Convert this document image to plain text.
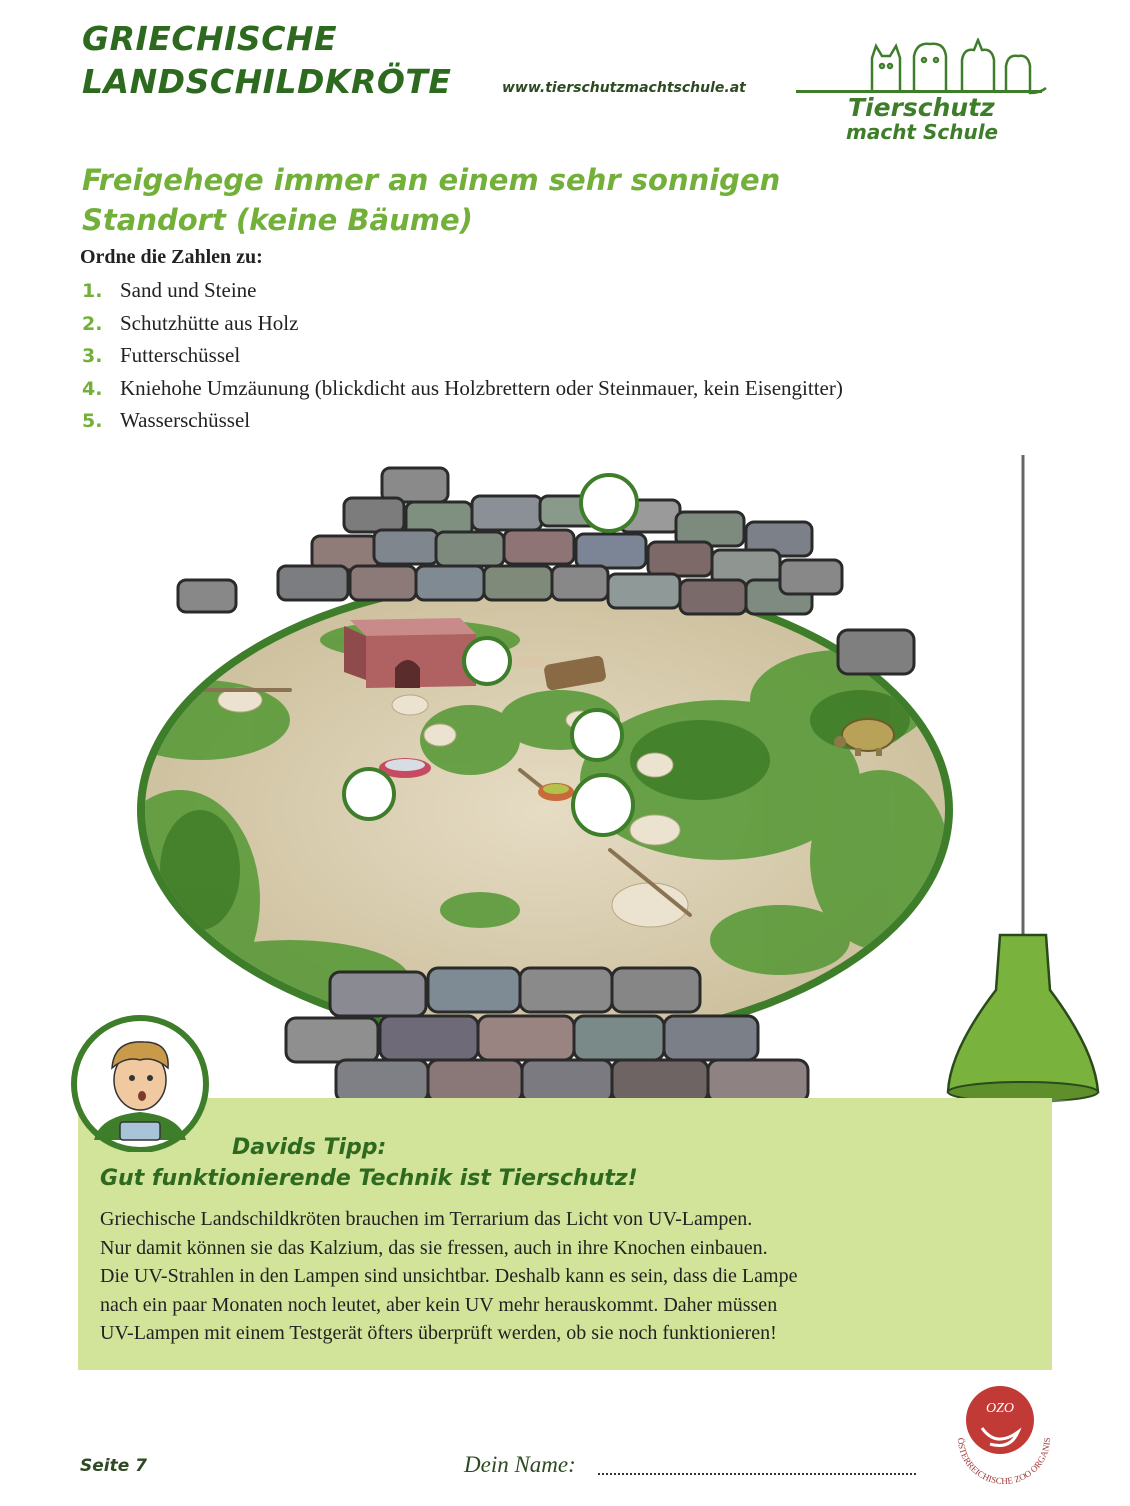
GRIECHISCHE
LANDSCHILDKRÖTE	www.tierschutzmachtschule.at
Tierschutz
macht Schule
Freigehege immer an einem sehr sonnigen
Standort (keine Bäume)
Ordne die Zahlen zu:
1. Sand und Steine
2. Schutzhütte aus Holz
3. Futterschüssel
4. Kniehohe Umzäunung (blickdicht aus Holzbrettern oder Steinmauer, kein Eisengitter)
5. Wasserschüssel
Davids Tipp:
Gut funktionierende Technik ist Tierschutz!
Griechische Landschildkröten brauchen im Terrarium das Licht von UV-Lampen.
Nur damit können sie das Kalzium, das sie fressen, auch in ihre Knochen einbauen.
Die UV-Strahlen in den Lampen sind unsichtbar. Deshalb kann es sein, dass die Lampe
nach ein paar Monaten noch leutet, aber kein UV mehr herauskommt. Daher müssen
UV-Lampen mit einem Testgerät öfters überprüft werden, ob sie noch funktionieren!
Seite 7	Dein Name:
OZO
ÖSTERREICHISCHE ZOO ORGANIS
